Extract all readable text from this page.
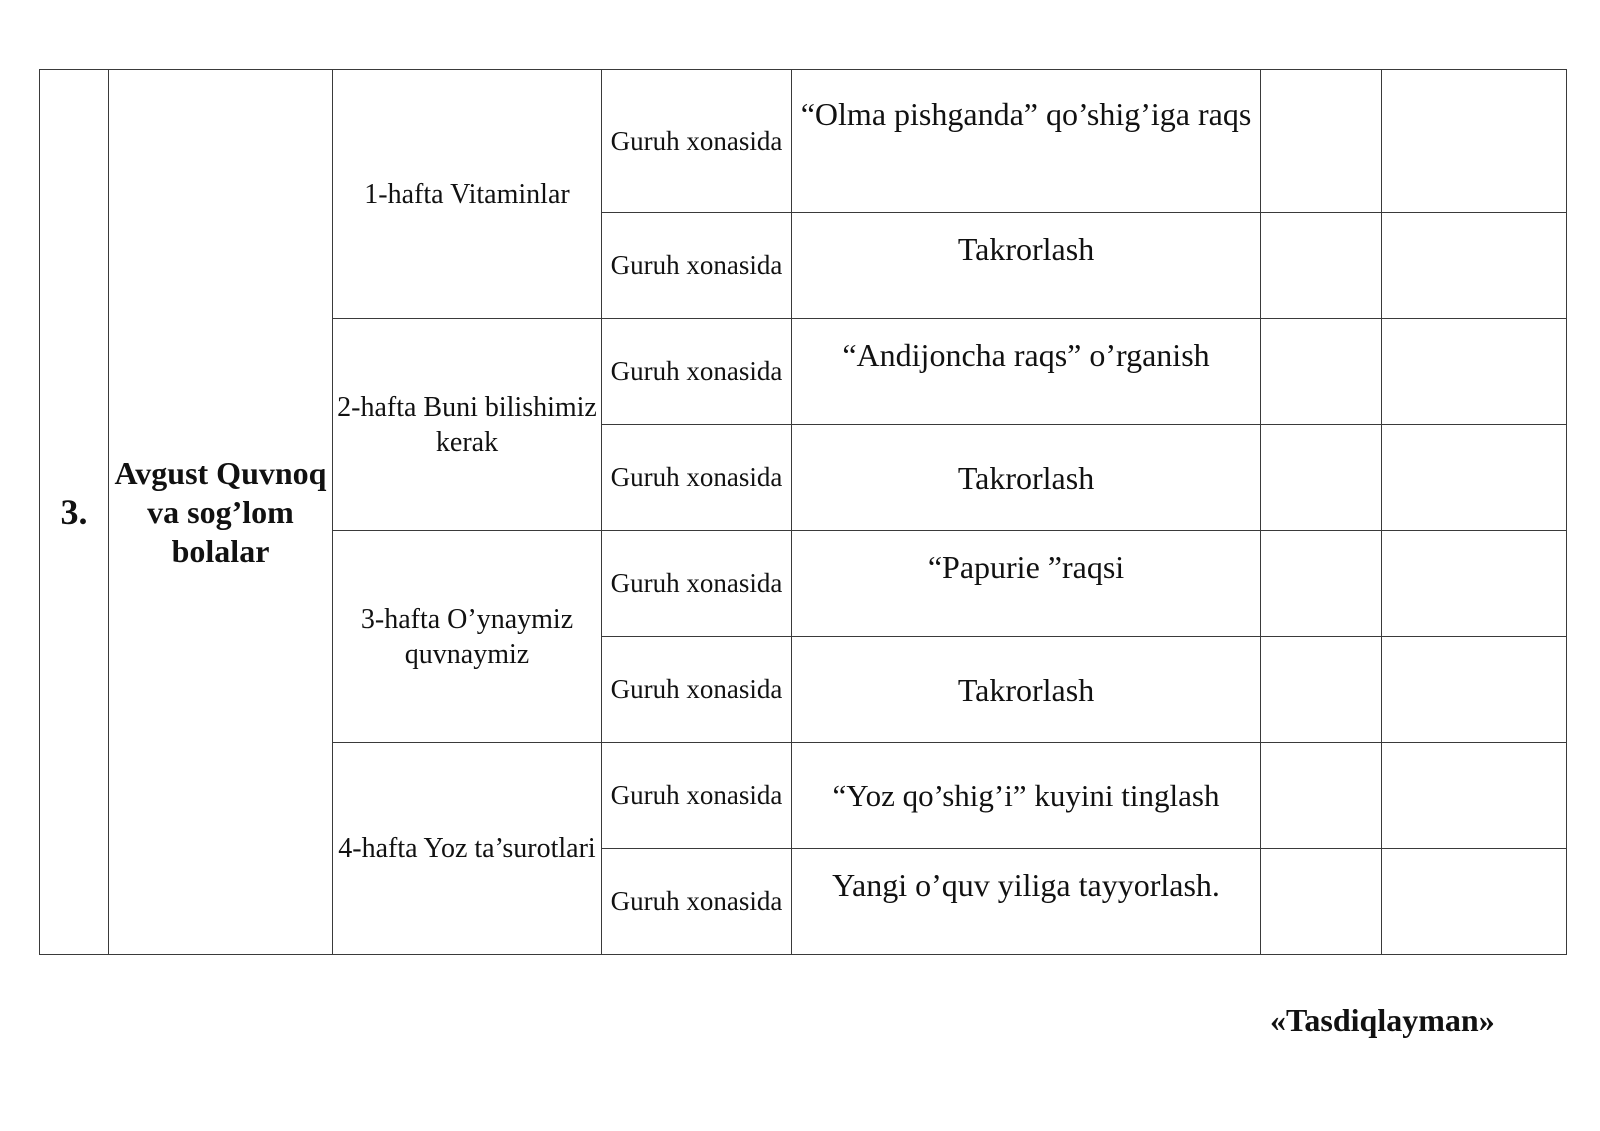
3.	Avgust Quvnoq va sog’lom bolalar	1-hafta Vitaminlar	Guruh xonasida	“Olma pishganda” qo’shig’iga raqs		
			Guruh xonasida	Takrorlash		
		2-hafta Buni bilishimiz kerak	Guruh xonasida	“Andijoncha raqs” o’rganish		
			Guruh xonasida	Takrorlash		
		3-hafta O’ynaymiz quvnaymiz	Guruh xonasida	“Papurie ”raqsi		
			Guruh xonasida	Takrorlash		
		4-hafta Yoz ta’surotlari	Guruh xonasida	“Yoz qo’shig’i” kuyini tinglash		
			Guruh xonasida	Yangi o’quv yiliga tayyorlash.		
«Tasdiqlayman»
